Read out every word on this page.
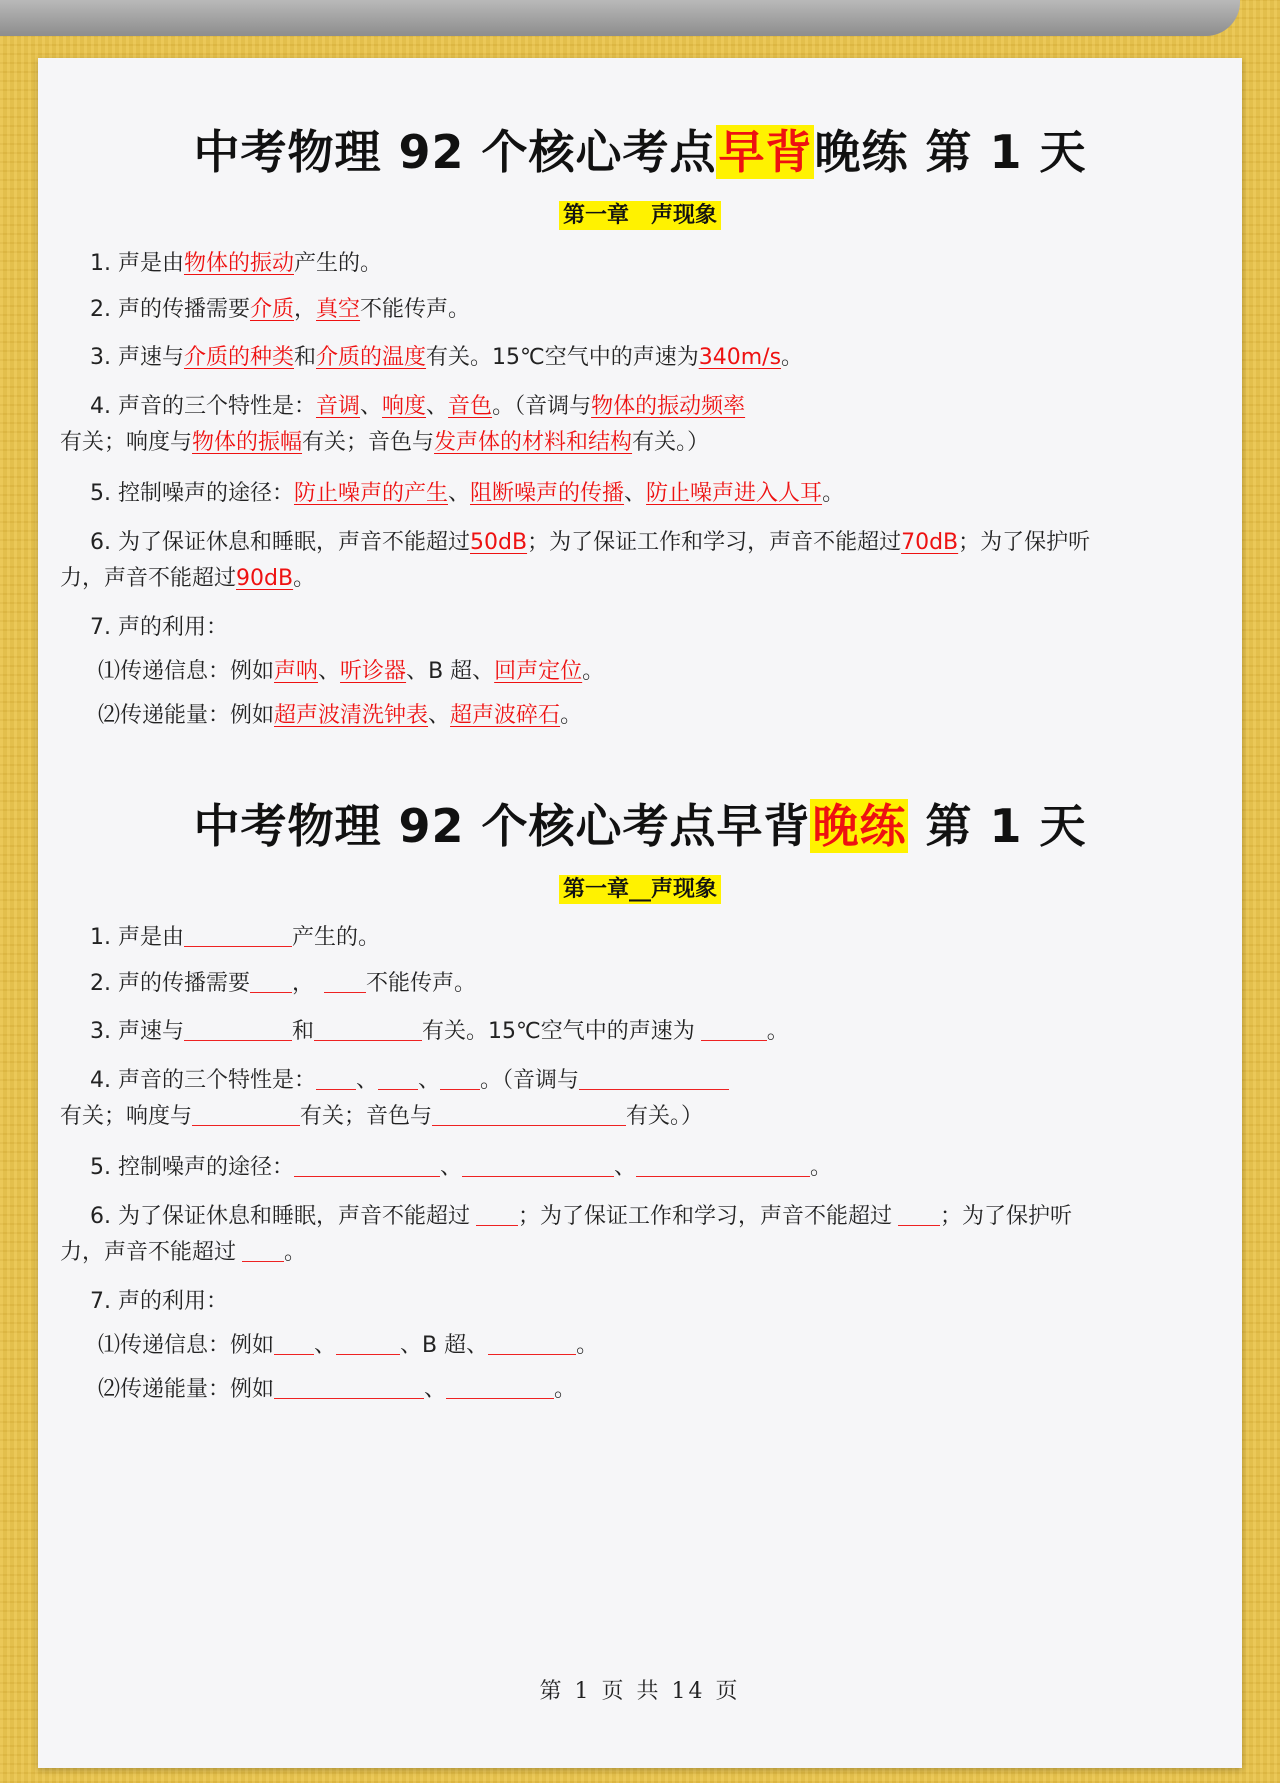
中考物理 92 个核心考点早背晚练 第 1 天
第一章　声现象
1. 声是由物体的振动产生的。
2. 声的传播需要介质，真空不能传声。
3. 声速与介质的种类和介质的温度有关。15℃空气中的声速为340m/s。
4. 声音的三个特性是：音调、响度、音色。（音调与物体的振动频率
有关；响度与物体的振幅有关；音色与发声体的材料和结构有关。）
5. 控制噪声的途径：防止噪声的产生、阻断噪声的传播、防止噪声进入人耳。
6. 为了保证休息和睡眠，声音不能超过50dB；为了保证工作和学习，声音不能超过70dB；为了保护听
力，声音不能超过90dB。
7. 声的利用：
⑴传递信息：例如声呐、听诊器、B 超、回声定位。
⑵传递能量：例如超声波清洗钟表、超声波碎石。
中考物理 92 个核心考点早背晚练 第 1 天
第一章__声现象
1. 声是由	产生的。
2. 声的传播需要 ， 不能传声。
3. 声速与	和	有关。15℃空气中的声速为	。
4. 声音的三个特性是： 、 、 。（音调与
有关；响度与	有关；音色与	有关。）
5. 控制噪声的途径：	、	、	。
6. 为了保证休息和睡眠，声音不能超过 ；为了保证工作和学习，声音不能超过 ；为了保护听
力，声音不能超过 。
7. 声的利用：
⑴传递信息：例如 、	、B 超、	。
⑵传递能量：例如	、	。
第 1 页 共 14 页
